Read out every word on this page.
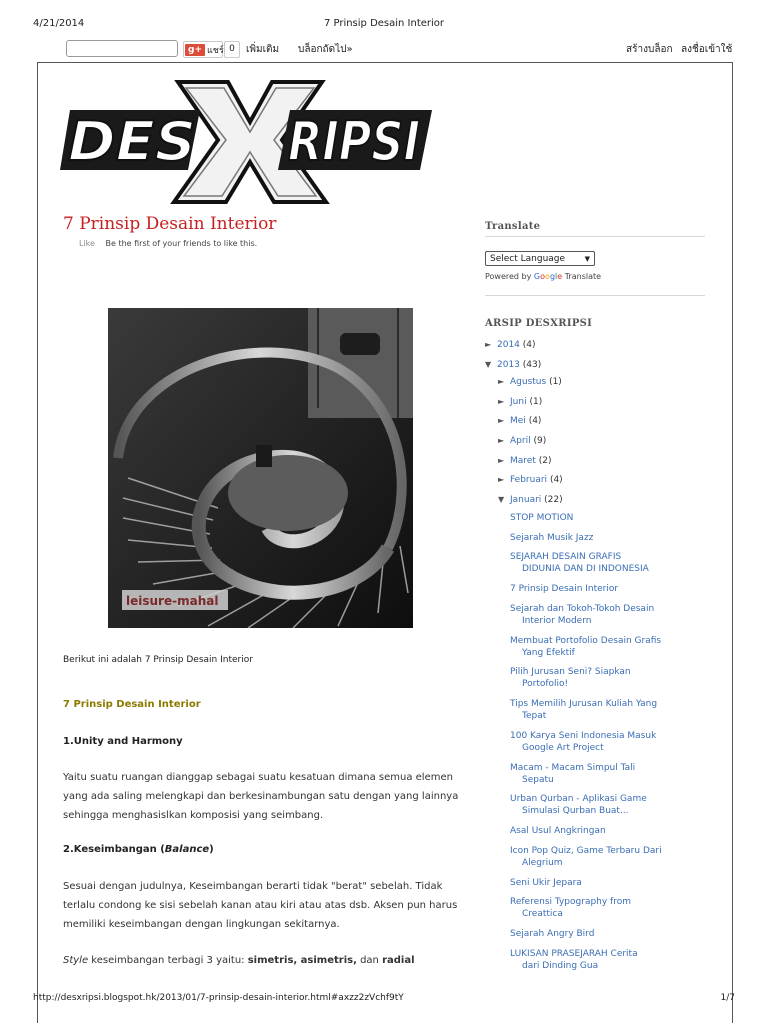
4/21/2014	7 Prinsip Desain Interior
g+ แชร์ 0	เพิ่มเติม บล็อกถัดไป»	สร้างบล็อก ลงชื่อเข้าใช้
DES RIPSI
7 Prinsip Desain Interior
Like Be the first of your friends to like this.
leisure-mahal
Berikut ini adalah 7 Prinsip Desain Interior
7 Prinsip Desain Interior
1.Unity and Harmony
Yaitu suatu ruangan dianggap sebagai suatu kesatuan dimana semua elemen yang ada saling melengkapi dan berkesinambungan satu dengan yang lainnya sehingga menghasislkan komposisi yang seimbang.
2.Keseimbangan (Balance)
Sesuai dengan judulnya, Keseimbangan berarti tidak "berat" sebelah. Tidak terlalu condong ke sisi sebelah kanan atau kiri atau atas dsb. Aksen pun harus memiliki keseimbangan dengan lingkungan sekitarnya.
Style keseimbangan terbagi 3 yaitu: simetris, asimetris, dan radial
Translate
Select Language	▼
Powered by Google Translate
ARSIP DESXRIPSI
► 2014 (4)
▼ 2013 (43)
► Agustus (1)
► Juni (1)
► Mei (4)
► April (9)
► Maret (2)
► Februari (4)
▼ Januari (22)
STOP MOTION
Sejarah Musik Jazz
SEJARAH DESAIN GRAFIS
DIDUNIA DAN DI INDONESIA
7 Prinsip Desain Interior
Sejarah dan Tokoh-Tokoh Desain
Interior Modern
Membuat Portofolio Desain Grafis
Yang Efektif
Pilih Jurusan Seni? Siapkan
Portofolio!
Tips Memilih Jurusan Kuliah Yang
Tepat
100 Karya Seni Indonesia Masuk
Google Art Project
Macam - Macam Simpul Tali
Sepatu
Urban Qurban - Aplikasi Game
Simulasi Qurban Buat...
Asal Usul Angkringan
Icon Pop Quiz, Game Terbaru Dari
Alegrium
Seni Ukir Jepara
Referensi Typography from
Creattica
Sejarah Angry Bird
LUKISAN PRASEJARAH Cerita
dari Dinding Gua
http://desxripsi.blogspot.hk/2013/01/7-prinsip-desain-interior.html#axzz2zVchf9tY	1/7
